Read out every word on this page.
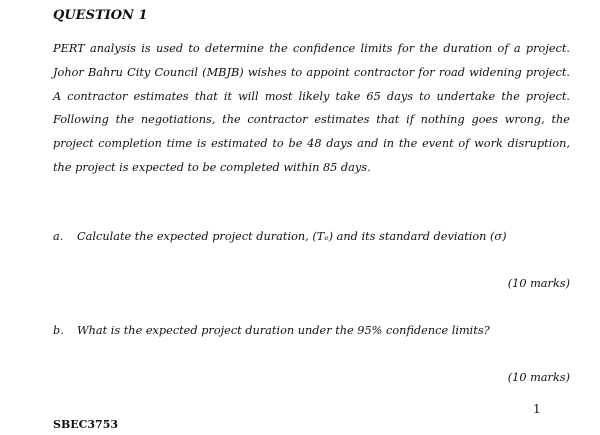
QUESTION 1

PERT analysis is used to determine the confidence limits for the duration of a project. Johor Bahru City Council (MBJB) wishes to appoint contractor for road widening project. A contractor estimates that it will most likely take 65 days to undertake the project. Following the negotiations, the contractor estimates that if nothing goes wrong, the project completion time is estimated to be 48 days and in the event of work disruption, the project is expected to be completed within 85 days.

a. Calculate the expected project duration, (Tₑ) and its standard deviation (σ)

(10 marks)

b. What is the expected project duration under the 95% confidence limits?

(10 marks)

1

SBEC3753
